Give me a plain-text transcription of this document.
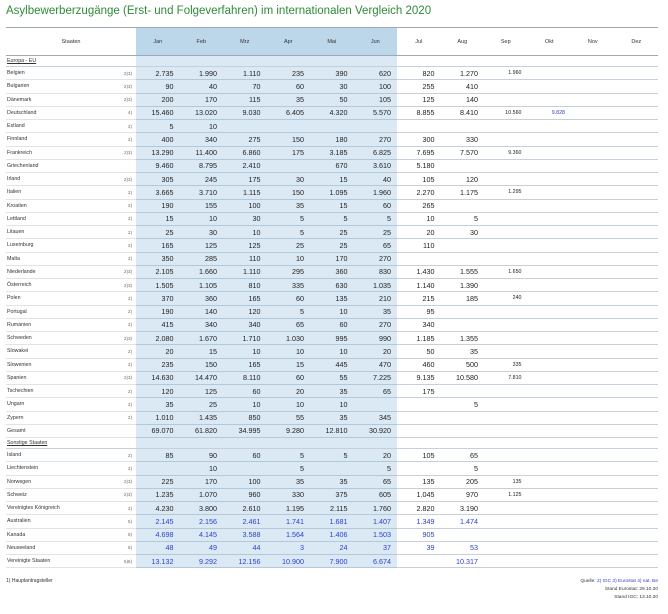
Asylbewerberzugänge (Erst- und Folgeverfahren) im internationalen Vergleich 2020
Staaten		Jan	Feb	Mrz	Apr	Mai	Jun	Jul	Aug	Sep	Okt	Nov	Dez
Europa - EU													
Belgien	2)3)	2.735	1.990	1.110	235	390	620	820	1.270	1.960			
Bulgarien	2)3)	90	40	70	60	30	100	255	410				
Dänemark	2)3)	200	170	115	35	50	105	125	140				
Deutschland	4)	15.460	13.020	9.030	6.405	4.320	5.570	8.855	8.410	10.560	9.828		
Estland	2)	5	10										
Finnland	2)	400	340	275	150	180	270	300	330				
Frankreich	2)3)	13.290	11.400	6.860	175	3.185	6.825	7.695	7.570	9.360			
Griechenland		9.460	8.795	2.410		670	3.610	5.180					
Irland	2)3)	305	245	175	30	15	40	105	120				
Italien	2)	3.665	3.710	1.115	150	1.095	1.960	2.270	1.175	1.295			
Kroatien	2)	190	155	100	35	15	60	265					
Lettland	2)	15	10	30	5	5	5	10	5				
Litauen	2)	25	30	10	5	25	25	20	30				
Luxemburg	2)	165	125	125	25	25	65	110					
Malta	2)	350	285	110	10	170	270						
Niederlande	2)3)	2.105	1.660	1.110	295	360	830	1.430	1.555	1.650			
Österreich	2)3)	1.505	1.105	810	335	630	1.035	1.140	1.390				
Polen	2)	370	360	165	60	135	210	215	185	240			
Portugal	2)	190	140	120	5	10	35	95					
Rumänien	2)	415	340	340	65	60	270	340					
Schweden	2)3)	2.080	1.670	1.710	1.030	995	990	1.185	1.355				
Slowakei	2)	20	15	10	10	10	20	50	35				
Slowenien	2)	235	150	165	15	445	470	460	500	335			
Spanien	2)3)	14.630	14.470	8.110	60	55	7.225	9.135	10.580	7.810			
Tschechien	2)	120	125	60	20	35	65	175					
Ungarn	2)	35	25	10	10	10			5				
Zypern	2)	1.010	1.435	850	55	35	345						
Gesamt		69.070	61.820	34.995	9.280	12.810	30.920						
Sonstige Staaten													
Island	2)	85	90	60	5	5	20	105	65				
Liechtenstein	2)		10		5		5		5				
Norwegen	2)3)	225	170	100	35	35	65	135	205	135			
Schweiz	2)3)	1.235	1.070	960	330	375	605	1.045	970	1.125			
Vereinigtes Königreich	2)	4.230	3.800	2.610	1.195	2.115	1.760	2.820	3.190				
Australien	5)	2.145	2.156	2.461	1.741	1.681	1.407	1.349	1.474				
Kanada	5)	4.698	4.145	3.588	1.564	1.406	1.503	905					
Neuseeland	5)	48	49	44	3	24	37	39	53				
Vereinigte Staaten	5)6)	13.132	9.292	12.156	10.900	7.900	6.674		10.317				
1) Hauptantragsteller	Quelle: 2) IGC 3) Eurostat 4) nat. Be
Stand Eurostat: 29.10.20
Stand IGC: 13.10.20
